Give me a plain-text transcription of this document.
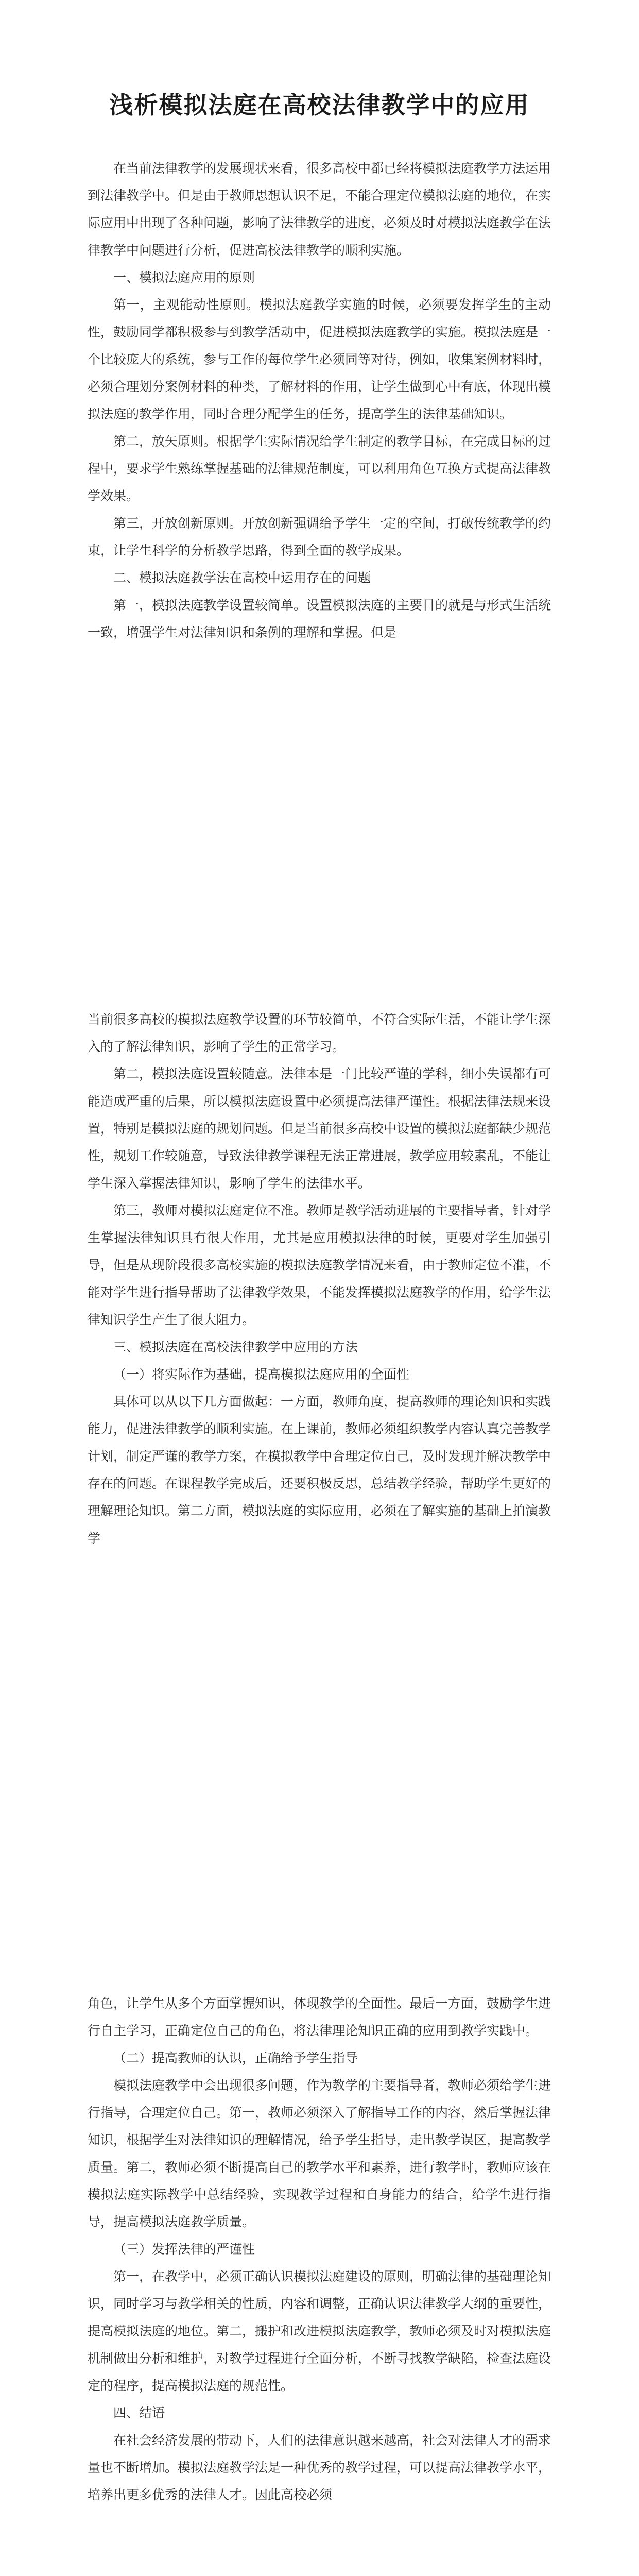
浅析模拟法庭在高校法律教学中的应用

在当前法律教学的发展现状来看，很多高校中都已经将模拟法庭教学方法运用到法律教学中。但是由于教师思想认识不足，不能合理定位模拟法庭的地位，在实际应用中出现了各种问题，影响了法律教学的进度，必须及时对模拟法庭教学在法律教学中问题进行分析，促进高校法律教学的顺利实施。

一、模拟法庭应用的原则

第一，主观能动性原则。模拟法庭教学实施的时候，必须要发挥学生的主动性，鼓励同学都积极参与到教学活动中，促进模拟法庭教学的实施。模拟法庭是一个比较庞大的系统，参与工作的每位学生必须同等对待，例如，收集案例材料时，必须合理划分案例材料的种类，了解材料的作用，让学生做到心中有底，体现出模拟法庭的教学作用，同时合理分配学生的任务，提高学生的法律基础知识。

第二，放矢原则。根据学生实际情况给学生制定的教学目标，在完成目标的过程中，要求学生熟练掌握基础的法律规范制度，可以利用角色互换方式提高法律教学效果。

第三，开放创新原则。开放创新强调给予学生一定的空间，打破传统教学的约束，让学生科学的分析教学思路，得到全面的教学成果。

二、模拟法庭教学法在高校中运用存在的问题

第一，模拟法庭教学设置较简单。设置模拟法庭的主要目的就是与形式生活统一致，增强学生对法律知识和条例的理解和掌握。但是

当前很多高校的模拟法庭教学设置的环节较简单，不符合实际生活，不能让学生深入的了解法律知识，影响了学生的正常学习。

第二，模拟法庭设置较随意。法律本是一门比较严谨的学科，细小失误都有可能造成严重的后果，所以模拟法庭设置中必须提高法律严谨性。根据法律法规来设置，特别是模拟法庭的规划问题。但是当前很多高校中设置的模拟法庭都缺少规范性，规划工作较随意，导致法律教学课程无法正常进展，教学应用较素乱，不能让学生深入掌握法律知识，影响了学生的法律水平。

第三，教师对模拟法庭定位不准。教师是教学活动进展的主要指导者，针对学生掌握法律知识具有很大作用，尤其是应用模拟法律的时候，更要对学生加强引导，但是从现阶段很多高校实施的模拟法庭教学情况来看，由于教师定位不准，不能对学生进行指导帮助了法律教学效果，不能发挥模拟法庭教学的作用，给学生法律知识学生产生了很大阻力。

三、模拟法庭在高校法律教学中应用的方法

（一）将实际作为基础，提高模拟法庭应用的全面性

具体可以从以下几方面做起：一方面，教师角度，提高教师的理论知识和实践能力，促进法律教学的顺利实施。在上课前，教师必须组织教学内容认真完善教学计划，制定严谨的教学方案，在模拟教学中合理定位自己，及时发现并解决教学中存在的问题。在课程教学完成后，还要积极反思，总结教学经验，帮助学生更好的理解理论知识。第二方面，模拟法庭的实际应用，必须在了解实施的基础上拍演教学

角色，让学生从多个方面掌握知识，体现教学的全面性。最后一方面，鼓励学生进行自主学习，正确定位自己的角色，将法律理论知识正确的应用到教学实践中。

（二）提高教师的认识，正确给予学生指导

模拟法庭教学中会出现很多问题，作为教学的主要指导者，教师必须给学生进行指导，合理定位自己。第一，教师必须深入了解指导工作的内容，然后掌握法律知识，根据学生对法律知识的理解情况，给予学生指导，走出教学误区，提高教学质量。第二，教师必须不断提高自己的教学水平和素养，进行教学时，教师应该在模拟法庭实际教学中总结经验，实现教学过程和自身能力的结合，给学生进行指导，提高模拟法庭教学质量。

（三）发挥法律的严谨性

第一，在教学中，必须正确认识模拟法庭建设的原则，明确法律的基础理论知识，同时学习与教学相关的性质，内容和调整，正确认识法律教学大纲的重要性，提高模拟法庭的地位。第二，搬护和改进模拟法庭教学，教师必须及时对模拟法庭机制做出分析和维护，对教学过程进行全面分析，不断寻找教学缺陷，检查法庭设定的程序，提高模拟法庭的规范性。

四、结语

在社会经济发展的带动下，人们的法律意识越来越高，社会对法律人才的需求量也不断增加。模拟法庭教学法是一种优秀的教学过程，可以提高法律教学水平，培养出更多优秀的法律人才。因此高校必须
